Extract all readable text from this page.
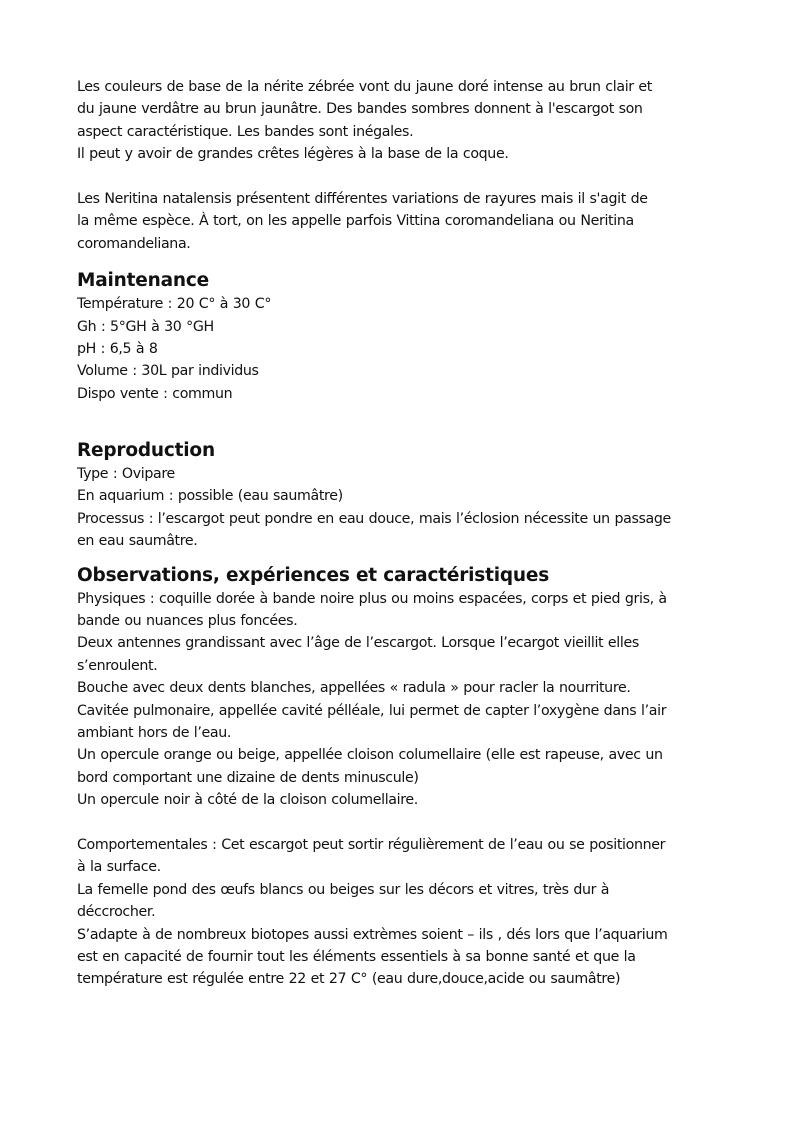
Les couleurs de base de la nérite zébrée vont du jaune doré intense au brun clair et
du jaune verdâtre au brun jaunâtre. Des bandes sombres donnent à l'escargot son
aspect caractéristique. Les bandes sont inégales.
Il peut y avoir de grandes crêtes légères à la base de la coque.
Les Neritina natalensis présentent différentes variations de rayures mais il s'agit de
la même espèce. À tort, on les appelle parfois Vittina coromandeliana ou Neritina
coromandeliana.
Maintenance
Température : 20 C° à 30 C°
Gh : 5°GH à 30 °GH
pH : 6,5 à 8
Volume : 30L par individus
Dispo vente : commun
Reproduction
Type : Ovipare
En aquarium : possible (eau saumâtre)
Processus : l’escargot peut pondre en eau douce, mais l’éclosion nécessite un passage
en eau saumâtre.
Observations, expériences et caractéristiques
Physiques : coquille dorée à bande noire plus ou moins espacées, corps et pied gris, à
bande ou nuances plus foncées.
Deux antennes grandissant avec l’âge de l’escargot. Lorsque l’ecargot vieillit elles
s’enroulent.
Bouche avec deux dents blanches, appellées « radula » pour racler la nourriture.
Cavitée pulmonaire, appellée cavité pélléale, lui permet de capter l’oxygène dans l’air
ambiant hors de l’eau.
Un opercule orange ou beige, appellée cloison columellaire (elle est rapeuse, avec un
bord comportant une dizaine de dents minuscule)
Un opercule noir à côté de la cloison columellaire.
Comportementales : Cet escargot peut sortir régulièrement de l’eau ou se positionner
à la surface.
La femelle pond des œufs blancs ou beiges sur les décors et vitres, très dur à
déccrocher.
S’adapte à de nombreux biotopes aussi extrèmes soient – ils , dés lors que l’aquarium
est en capacité de fournir tout les éléments essentiels à sa bonne santé et que la
température est régulée entre 22 et 27 C° (eau dure,douce,acide ou saumâtre)
